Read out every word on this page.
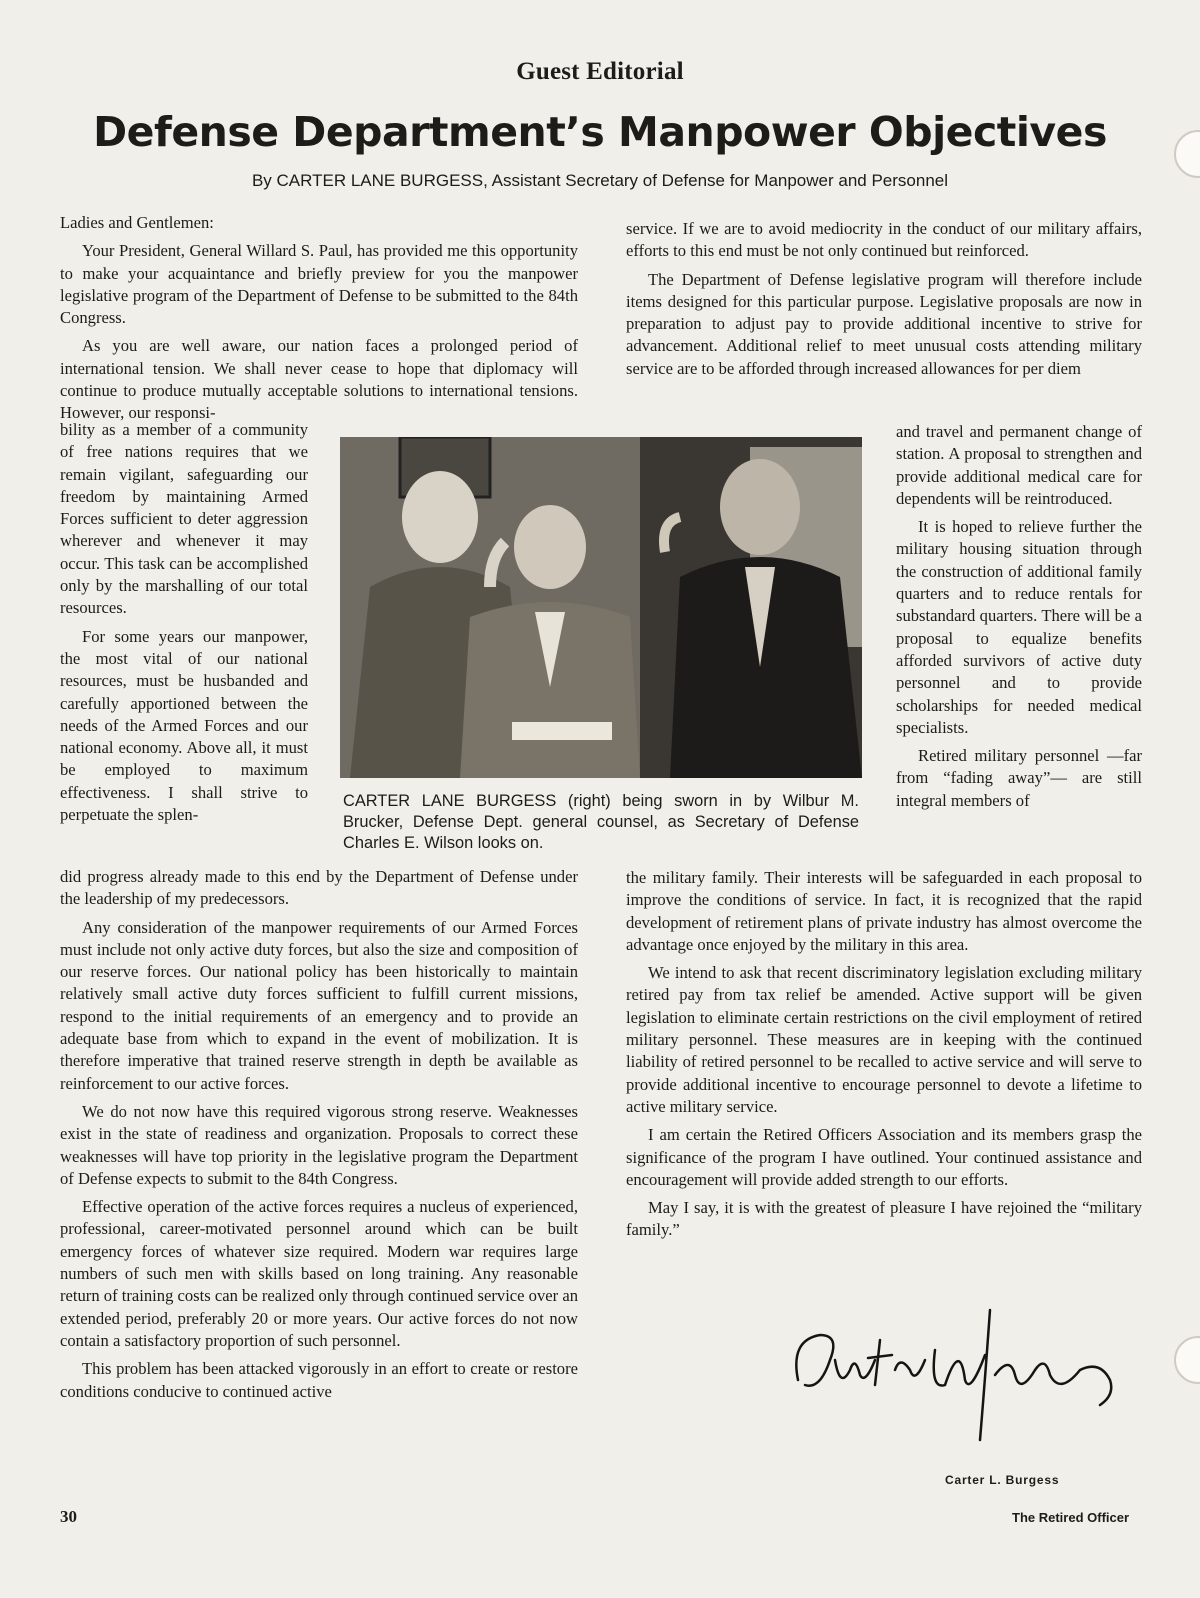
Guest Editorial
Defense Department’s Manpower Objectives
By CARTER LANE BURGESS, Assistant Secretary of Defense for Manpower and Personnel

Ladies and Gentlemen:

Your President, General Willard S. Paul, has provided me this opportunity to make your acquaintance and briefly preview for you the manpower legislative program of the Department of Defense to be submitted to the 84th Congress.

As you are well aware, our nation faces a prolonged period of international tension. We shall never cease to hope that diplomacy will continue to produce mutually acceptable solutions to international tensions. However, our responsi-

bility as a member of a community of free nations requires that we remain vigilant, safeguarding our freedom by maintaining Armed Forces sufficient to deter aggression wherever and whenever it may occur. This task can be accomplished only by the marshalling of our total resources.

For some years our manpower, the most vital of our national resources, must be husbanded and carefully apportioned between the needs of the Armed Forces and our national economy. Above all, it must be employed to maximum effectiveness. I shall strive to perpetuate the splen-

did progress already made to this end by the Department of Defense under the leadership of my predecessors.

Any consideration of the manpower requirements of our Armed Forces must include not only active duty forces, but also the size and composition of our reserve forces. Our national policy has been historically to maintain relatively small active duty forces sufficient to fulfill current missions, respond to the initial requirements of an emergency and to provide an adequate base from which to expand in the event of mobilization. It is therefore imperative that trained reserve strength in depth be available as reinforcement to our active forces.

We do not now have this required vigorous strong reserve. Weaknesses exist in the state of readiness and organization. Proposals to correct these weaknesses will have top priority in the legislative program the Department of Defense expects to submit to the 84th Congress.

Effective operation of the active forces requires a nucleus of experienced, professional, career-motivated personnel around which can be built emergency forces of whatever size required. Modern war requires large numbers of such men with skills based on long training. Any reasonable return of training costs can be realized only through continued service over an extended period, preferably 20 or more years. Our active forces do not now contain a satisfactory proportion of such personnel.

This problem has been attacked vigorously in an effort to create or restore conditions conducive to continued active

service. If we are to avoid mediocrity in the conduct of our military affairs, efforts to this end must be not only continued but reinforced.

The Department of Defense legislative program will therefore include items designed for this particular purpose. Legislative proposals are now in preparation to adjust pay to provide additional incentive to strive for advancement. Additional relief to meet unusual costs attending military service are to be afforded through increased allowances for per diem

and travel and permanent change of station. A proposal to strengthen and provide additional medical care for dependents will be reintroduced.

It is hoped to relieve further the military housing situation through the construction of additional family quarters and to reduce rentals for substandard quarters. There will be a proposal to equalize benefits afforded survivors of active duty personnel and to provide scholarships for needed medical specialists.

Retired military personnel —far from “fading away”— are still integral members of

the military family. Their interests will be safeguarded in each proposal to improve the conditions of service. In fact, it is recognized that the rapid development of retirement plans of private industry has almost overcome the advantage once enjoyed by the military in this area.

We intend to ask that recent discriminatory legislation excluding military retired pay from tax relief be amended. Active support will be given legislation to eliminate certain restrictions on the civil employment of retired military personnel. These measures are in keeping with the continued liability of retired personnel to be recalled to active service and will serve to provide additional incentive to encourage personnel to devote a lifetime to active military service.

I am certain the Retired Officers Association and its members grasp the significance of the program I have outlined. Your continued assistance and encouragement will provide added strength to our efforts.

May I say, it is with the greatest of pleasure I have rejoined the “military family.”

CARTER LANE BURGESS (right) being sworn in by Wilbur M. Brucker, Defense Dept. general counsel, as Secretary of Defense Charles E. Wilson looks on.
Carter L. Burgess
30	The Retired Officer
